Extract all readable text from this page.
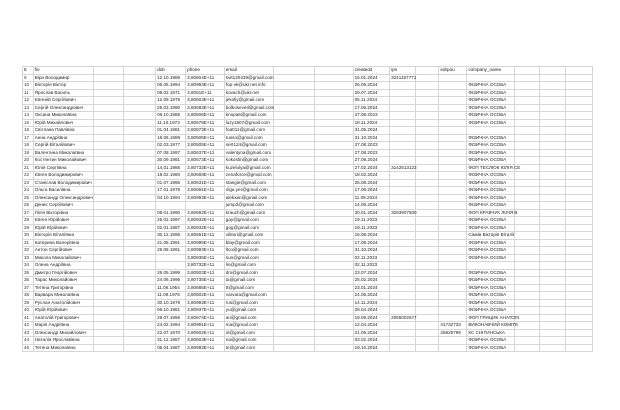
8	fio			dob	phone	email			created4	ipn		edrpou	company_name			
9	Віра Володимир			12.10.1988	3,80504E+11	svit120339@gmail.com			15.01.2024	3241157771						
10	Вікторія Віктор			05.05.1994	3,80993E+11	fop-vk@ukr.net.info			26.05.2024				ФІЗИЧНА ОСОБА			
11	Ярослав Василь			08.02.1971	3,8051E+11	kovach@ukr.net			29.07.2024				ФІЗИЧНА ОСОБА			
12	Євгеній Сергійович			12.09.1979	3,80503E+11	jekolly@gmail.com			05.11.2024				ФІЗИЧНА ОСОБА			
13	Сергій Олександрович			25.03.1990	3,80683E+11	bolkosevetl@gmail.com			17.05.2024				ФІЗИЧНА ОСОБА			
14	Оксана Миколаївна			06.10.1985	3,80506E+11	knopa6@gmail.com			27.08.2023				ФІЗИЧНА ОСОБА			
15	Юрій Михайлович			11.10.1973	3,80678E+11	luzy1507@gmail.com			18.11.2024				ФІЗИЧНА ОСОБА			
16	Світлана Павлівна			01.04.1981	3,80673E+11	foa011@gmail.com			31.05.2024							
17	Анна Андріївна			16.06.1989	3,80505E+11	russo@gmail.com			31.10.2024				ФІЗИЧНА ОСОБА			
18	Сергій Віталійович			02.03.1977	3,80505E+11	sert124@gmail.com			27.08.2023				ФІЗИЧНА ОСОБА			
19	Валентина Миколаївна			07.08.1997	3,80637E+11	valentyna@gmail.com			27.08.2023				ФІЗИЧНА ОСОБА			
20	Костянтин Миколайович			30.09.1981	3,80673E+11	kokostin@gmail.com			27.09.2024				ФІЗИЧНА ОСОБА			
21	Юлія Сергіївна			14.01.1986	3,80732E+11	kuzelulya@gmail.com			27.02.2024	3142513123			ФОП ТЕСЛЮК ЮЛІЯ СЕ			
22	Євген Володимирович			18.02.1980	3,80669E+11	zenaforce@gmail.com			18.02.2024				ФІЗИЧНА ОСОБА			
23	Станіслав Володимирович			01.07.1995	3,80631E+11	stasgie@gmail.com			25.08.2024				ФІЗИЧНА ОСОБА			
24	Ольга Василівна			17.01.1978	3,80681E+11	olga.yer@gmail.com			17.06.2024				ФІЗИЧНА ОСОБА			
25	Олександр Олександрович			04.10.1994	3,80993E+11	alekxan@gmail.com			11.09.2024				ФІЗИЧНА ОСОБА			
26	Денис Сергійович					jump2@gmail.com			14.06.2024				ФІЗИЧНА ОСОБА			
27	Лілія Вікторівна			08.01.1990	3,80682E+11	krauch@gmail.com			30.01.2024	3293907500			ФОП КРАВЧУК ЛІЛІЯ В			
28	Євген Юрійович			25.02.1997	3,80932E+11	gay@gmail.com			19.11.2023				ФІЗИЧНА ОСОБА			
29	Юрій Юрійович			02.01.1987	3,80932E+11	gog@gmail.com			19.11.2023				ФІЗИЧНА ОСОБА			
30	Вікторія Віталіївна			30.12.1996	3,80661E+11	viktori@gmail.com			16.08.2024				Сімків Вікторія Віталії			
31	Катерина Валеріївна			21.08.1991	3,80995E+11	blay@gmail.com			17.08.2024				ФІЗИЧНА ОСОБА			
32	Антон Сергійович			26.08.1991	3,80993E+11	ltco@gmail.com			31.10.2024				ФІЗИЧНА ОСОБА			
33	Микола Миколайович				3,80935E+11	sun@gmail.com			02.11.2023				ФІЗИЧНА ОСОБА			
34	Олена Андріївна				3,80732E+11	lin@gmail.com			02.11.2023							
35	Дмитро Георгійович			26.05.1999	3,80503E+11	dm@gmail.com			23.07.2024				ФІЗИЧНА ОСОБА			
36	Тарас Миколайович			24.06.1996	3,80735E+11	ta@gmail.com			25.02.2024				ФІЗИЧНА ОСОБА			
37	Тетяна Григорівна			11.06.1954	3,80685E+11	tt@gmail.com			23.01.2024				ФІЗИЧНА ОСОБА			
38	Варвара Миколаївна			11.09.1976	3,80502E+11	varvara@gmail.com			24.05.2024				ФІЗИЧНА ОСОБА			
39	Руслан Анатолійович			30.10.1979	3,80993E+11	rus@gmail.com			14.11.2024				ФІЗИЧНА ОСОБА			
40	Юрій Юрійович			06.10.1981	3,80937E+11	yu@gmail.com			28.04.2024				ФІЗИЧНА ОСОБА			
41	Анатолій Григорович			29.07.1956	3,80674E+11	an@gmail.com			19.09.2024	2055002677			ФОП ГРИЦИК АНАТОЛІ			
42	Марія Андріївна			24.02.1994	3,80991E+11	ma@gmail.com			12.04.2024			41732733	ВИКОНАВЧИЙ КОМІТЕ			
43	Олександр Михайлович			22.07.1970	3,80502E+11	ol@gmail.com			21.05.2024			25825799	КС СНІТИНСЬКА			
44	Наталія Ярославівна			31.12.1987	3,80503E+11	na@gmail.com			03.02.2024				ФІЗИЧНА ОСОБА			
45	Тетяна Миколаївна			05.04.1987	3,80993E+11	te@gmail.com			19.10.2024				ФІЗИЧНА ОСОБА			
